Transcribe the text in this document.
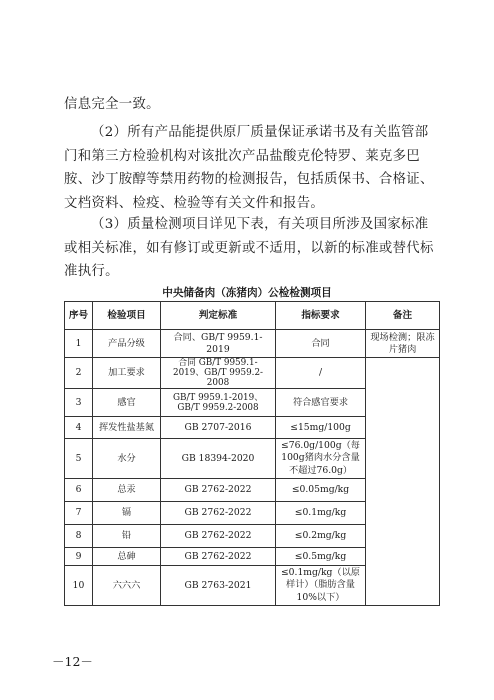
信息完全一致。

（2）所有产品能提供原厂质量保证承诺书及有关监管部门和第三方检验机构对该批次产品盐酸克伦特罗、莱克多巴胺、沙丁胺醇等禁用药物的检测报告，包括质保书、合格证、文档资料、检疫、检验等有关文件和报告。

（3）质量检测项目详见下表，有关项目所涉及国家标准或相关标准，如有修订或更新或不适用，以新的标准或替代标准执行。

中央储备肉（冻猪肉）公检检测项目
序号	检验项目	判定标准	指标要求	备注
1	产品分级	合同、GB/T 9959.1-2019	合同	现场检测；限冻片猪肉
2	加工要求	合同 GB/T 9959.1-2019、GB/T 9959.2-2008	/	
3	感官	GB/T 9959.1-2019、GB/T 9959.2-2008	符合感官要求	
4	挥发性盐基氮	GB 2707-2016	≤15mg/100g	
5	水分	GB 18394-2020	≤76.0g/100g（每100g猪肉水分含量不超过76.0g）	
6	总汞	GB 2762-2022	≤0.05mg/kg	
7	镉	GB 2762-2022	≤0.1mg/kg	
8	铅	GB 2762-2022	≤0.2mg/kg	
9	总砷	GB 2762-2022	≤0.5mg/kg	
10	六六六	GB 2763-2021	≤0.1mg/kg（以原样计）（脂肪含量10%以下）	
－12－
